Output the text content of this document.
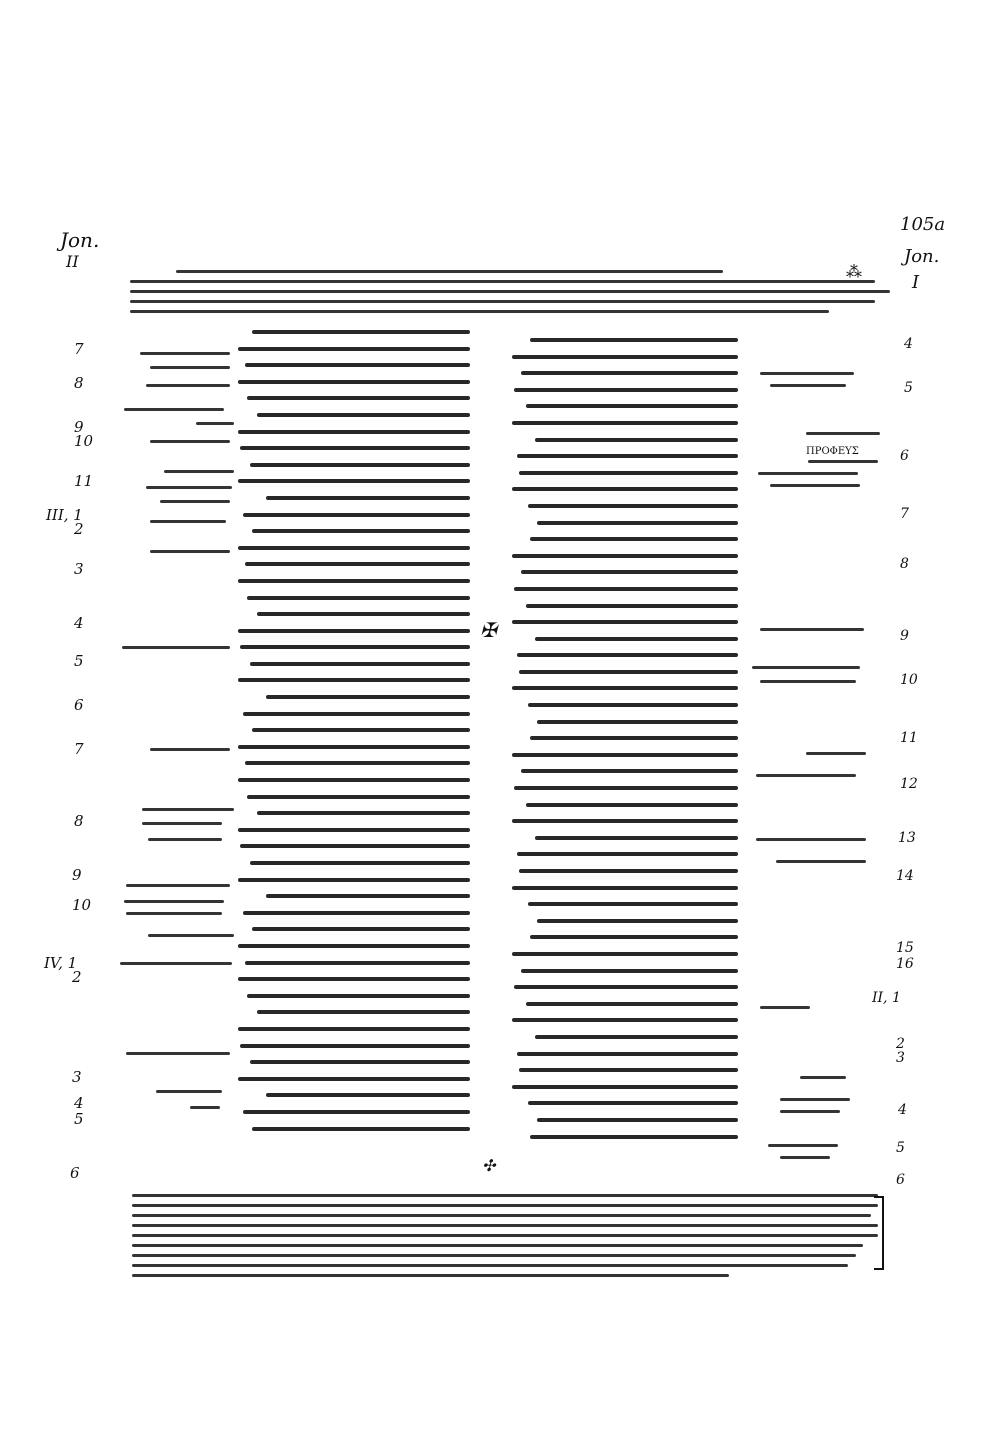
Jon.
II
105a
Jon.
I
7
8
9
10
11
III, 1
2
3
4
5
6
7
8
9
10
IV, 1
2
3
4
5
6
4
5
6
7
8
9
10
11
12
13
14
15
16
II, 1
2
3
4
5
6
✠
✣
⁂
ΠΡΟΦΕΥΣ
